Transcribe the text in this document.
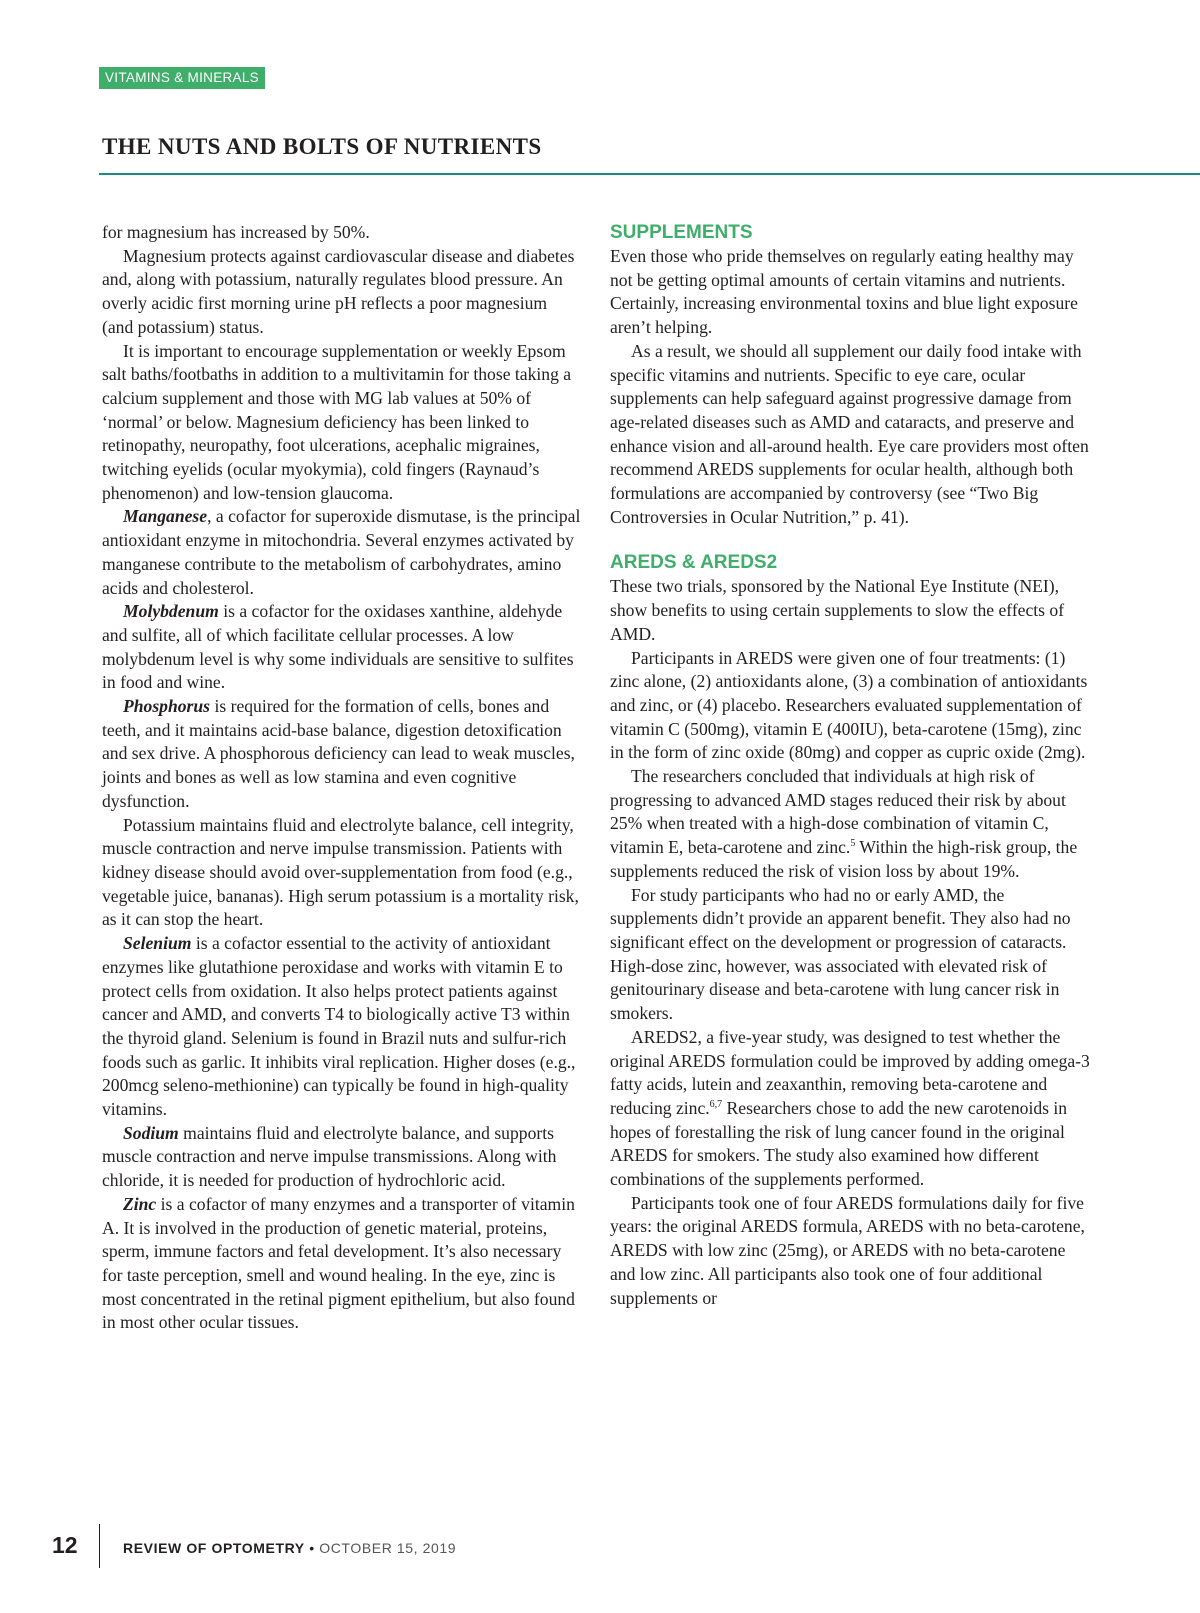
VITAMINS & MINERALS
THE NUTS AND BOLTS OF NUTRIENTS

for magnesium has increased by 50%.

Magnesium protects against cardiovascular disease and diabetes and, along with potassium, naturally regulates blood pressure. An overly acidic first morning urine pH reflects a poor magnesium (and potassium) status.

It is important to encourage supplementation or weekly Epsom salt baths/footbaths in addition to a multivitamin for those taking a calcium supplement and those with MG lab values at 50% of ‘normal’ or below. Magnesium deficiency has been linked to retinopathy, neuropathy, foot ulcerations, acephalic migraines, twitching eyelids (ocular myokymia), cold fingers (Raynaud’s phenomenon) and low-tension glaucoma.

Manganese, a cofactor for superoxide dismutase, is the principal antioxidant enzyme in mitochondria. Several enzymes activated by manganese contribute to the metabolism of carbohydrates, amino acids and cholesterol.

Molybdenum is a cofactor for the oxidases xanthine, aldehyde and sulfite, all of which facilitate cellular processes. A low molybdenum level is why some individuals are sensitive to sulfites in food and wine.

Phosphorus is required for the formation of cells, bones and teeth, and it maintains acid-base balance, digestion detoxification and sex drive. A phosphorous deficiency can lead to weak muscles, joints and bones as well as low stamina and even cognitive dysfunction.

Potassium maintains fluid and electrolyte balance, cell integrity, muscle contraction and nerve impulse transmission. Patients with kidney disease should avoid over-supplementation from food (e.g., vegetable juice, bananas). High serum potassium is a mortality risk, as it can stop the heart.

Selenium is a cofactor essential to the activity of antioxidant enzymes like glutathione peroxidase and works with vitamin E to protect cells from oxidation. It also helps protect patients against cancer and AMD, and converts T4 to biologically active T3 within the thyroid gland. Selenium is found in Brazil nuts and sulfur-rich foods such as garlic. It inhibits viral replication. Higher doses (e.g., 200mcg seleno-methionine) can typically be found in high-quality vitamins.

Sodium maintains fluid and electrolyte balance, and supports muscle contraction and nerve impulse transmissions. Along with chloride, it is needed for production of hydrochloric acid.

Zinc is a cofactor of many enzymes and a transporter of vitamin A. It is involved in the production of genetic material, proteins, sperm, immune factors and fetal development. It’s also necessary for taste perception, smell and wound healing. In the eye, zinc is most concentrated in the retinal pigment epithelium, but also found in most other ocular tissues.

SUPPLEMENTS

Even those who pride themselves on regularly eating healthy may not be getting optimal amounts of certain vitamins and nutrients. Certainly, increasing environmental toxins and blue light exposure aren’t helping.

As a result, we should all supplement our daily food intake with specific vitamins and nutrients. Specific to eye care, ocular supplements can help safeguard against progressive damage from age-related diseases such as AMD and cataracts, and preserve and enhance vision and all-around health. Eye care providers most often recommend AREDS supplements for ocular health, although both formulations are accompanied by controversy (see “Two Big Controversies in Ocular Nutrition,” p. 41).

AREDS & AREDS2

These two trials, sponsored by the National Eye Institute (NEI), show benefits to using certain supplements to slow the effects of AMD.

Participants in AREDS were given one of four treatments: (1) zinc alone, (2) antioxidants alone, (3) a combination of antioxidants and zinc, or (4) placebo. Researchers evaluated supplementation of vitamin C (500mg), vitamin E (400IU), beta-carotene (15mg), zinc in the form of zinc oxide (80mg) and copper as cupric oxide (2mg).

The researchers concluded that individuals at high risk of progressing to advanced AMD stages reduced their risk by about 25% when treated with a high-dose combination of vitamin C, vitamin E, beta-carotene and zinc.$^5$ Within the high-risk group, the supplements reduced the risk of vision loss by about 19%.

For study participants who had no or early AMD, the supplements didn’t provide an apparent benefit. They also had no significant effect on the development or progression of cataracts. High-dose zinc, however, was associated with elevated risk of genitourinary disease and beta-carotene with lung cancer risk in smokers.

AREDS2, a five-year study, was designed to test whether the original AREDS formulation could be improved by adding omega-3 fatty acids, lutein and zeaxanthin, removing beta-carotene and reducing zinc.$^{6,7}$ Researchers chose to add the new carotenoids in hopes of forestalling the risk of lung cancer found in the original AREDS for smokers. The study also examined how different combinations of the supplements performed.

Participants took one of four AREDS formulations daily for five years: the original AREDS formula, AREDS with no beta-carotene, AREDS with low zinc (25mg), or AREDS with no beta-carotene and low zinc. All participants also took one of four additional supplements or

12	REVIEW OF OPTOMETRY • OCTOBER 15, 2019
